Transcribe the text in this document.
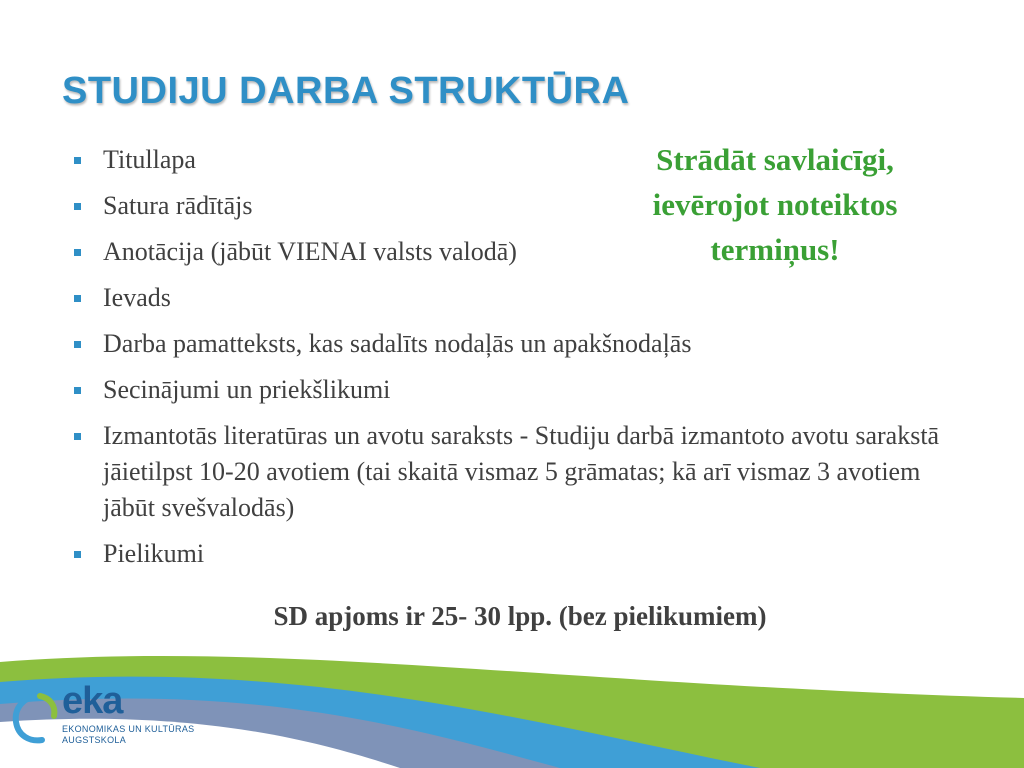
STUDIJU DARBA STRUKTŪRA
Titullapa
Satura rādītājs
Anotācija (jābūt VIENAI valsts valodā)
Ievads
Darba pamatteksts, kas sadalīts nodaļās un apakšnodaļās
Secinājumi un priekšlikumi
Izmantotās literatūras un avotu saraksts - Studiju darbā izmantoto avotu sarakstā jāietilpst 10-20 avotiem (tai skaitā vismaz 5 grāmatas; kā arī vismaz 3 avotiem jābūt svešvalodās)
Pielikumi
Strādāt savlaicīgi,
ievērojot noteiktos
termiņus!
SD apjoms ir 25- 30 lpp. (bez pielikumiem)
eka
EKONOMIKAS UN KULTŪRAS
AUGSTSKOLA
